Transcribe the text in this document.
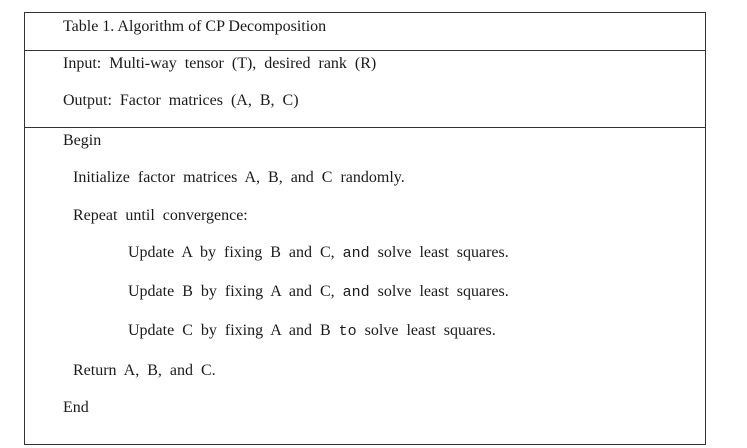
Table 1. Algorithm of CP Decomposition
Input: Multi-way tensor (T), desired rank (R)
Output: Factor matrices (A, B, C)
Begin
Initialize factor matrices A, B, and C randomly.
Repeat until convergence:
Update A by fixing B and C, and solve least squares.
Update B by fixing A and C, and solve least squares.
Update C by fixing A and B to solve least squares.
Return A, B, and C.
End
